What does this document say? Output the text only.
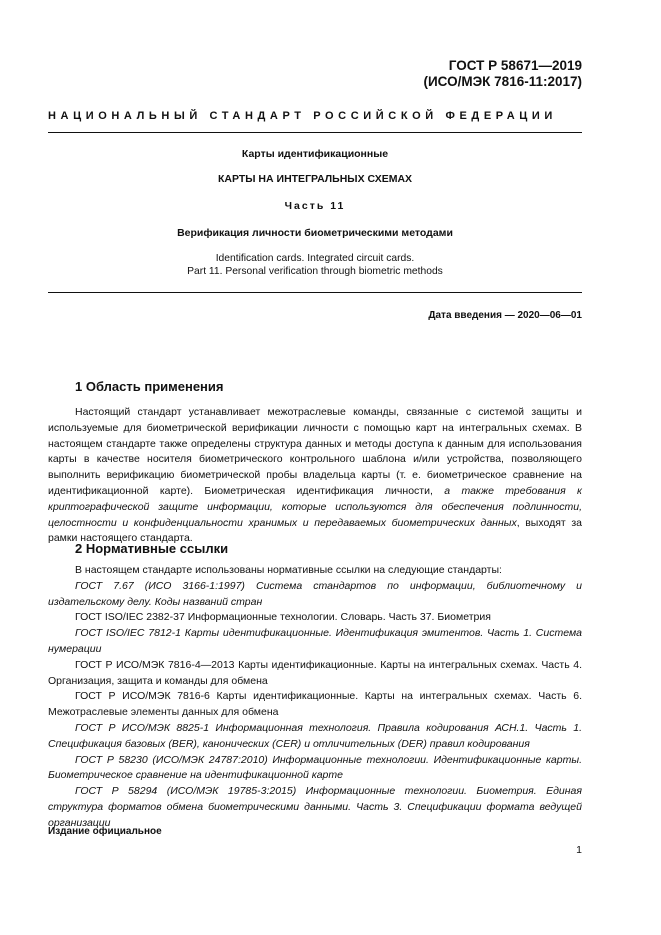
ГОСТ Р 58671—2019
(ИСО/МЭК 7816-11:2017)
НАЦИОНАЛЬНЫЙ СТАНДАРТ РОССИЙСКОЙ ФЕДЕРАЦИИ
Карты идентификационные
КАРТЫ НА ИНТЕГРАЛЬНЫХ СХЕМАХ
Часть 11
Верификация личности биометрическими методами
Identification cards. Integrated circuit cards.
Part 11. Personal verification through biometric methods
Дата введения — 2020—06—01
1 Область применения

Настоящий стандарт устанавливает межотраслевые команды, связанные с системой защиты и используемые для биометрической верификации личности с помощью карт на интегральных схемах. В настоящем стандарте также определены структура данных и методы доступа к данным для использования карты в качестве носителя биометрического контрольного шаблона и/или устройства, позволяющего выполнить верификацию биометрической пробы владельца карты (т. е. биометрическое сравнение на идентификационной карте). Биометрическая идентификация личности, а также требования к криптографической защите информации, которые используются для обеспечения подлинности, целостности и конфиденциальности хранимых и передаваемых биометрических данных, выходят за рамки настоящего стандарта.

2 Нормативные ссылки

В настоящем стандарте использованы нормативные ссылки на следующие стандарты:

ГОСТ 7.67 (ИСО 3166-1:1997) Система стандартов по информации, библиотечному и издательскому делу. Коды названий стран

ГОСТ ISO/IEC 2382-37 Информационные технологии. Словарь. Часть 37. Биометрия

ГОСТ ISO/IEC 7812-1 Карты идентификационные. Идентификация эмитентов. Часть 1. Система нумерации

ГОСТ Р ИСО/МЭК 7816-4—2013 Карты идентификационные. Карты на интегральных схемах. Часть 4. Организация, защита и команды для обмена

ГОСТ Р ИСО/МЭК 7816-6 Карты идентификационные. Карты на интегральных схемах. Часть 6. Межотраслевые элементы данных для обмена

ГОСТ Р ИСО/МЭК 8825-1 Информационная технология. Правила кодирования АСН.1. Часть 1. Спецификация базовых (BER), канонических (CER) и отличительных (DER) правил кодирования

ГОСТ Р 58230 (ИСО/МЭК 24787:2010) Информационные технологии. Идентификационные карты. Биометрическое сравнение на идентификационной карте

ГОСТ Р 58294 (ИСО/МЭК 19785-3:2015) Информационные технологии. Биометрия. Единая структура форматов обмена биометрическими данными. Часть 3. Спецификации формата ведущей организации

Издание официальное
1
